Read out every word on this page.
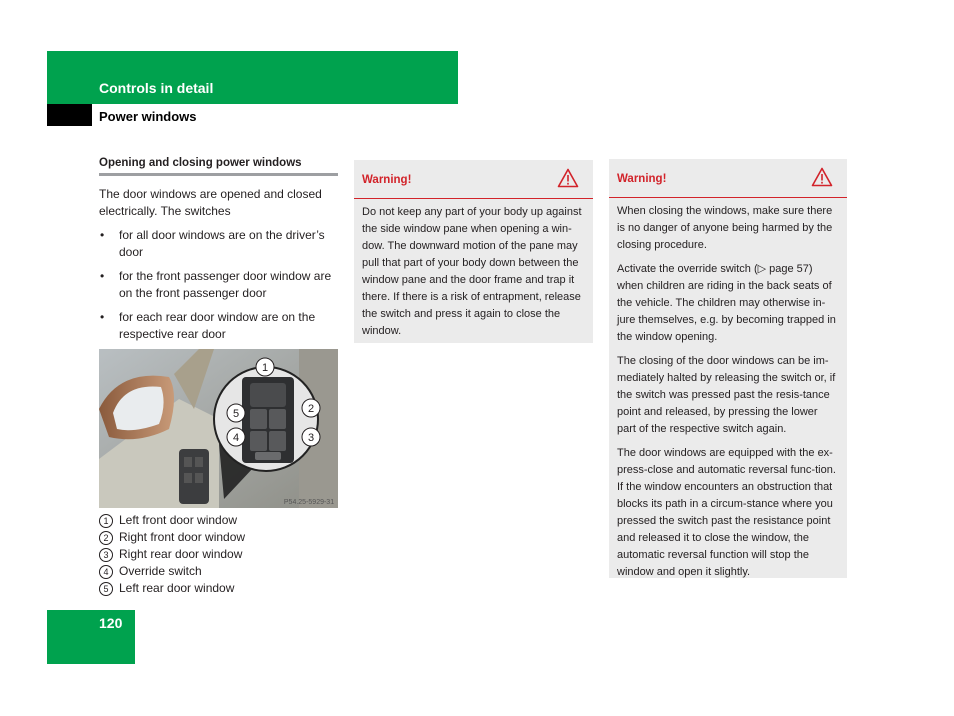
Controls in detail
Power windows
Opening and closing power windows
The door windows are opened and closed electrically. The switches
• for all door windows are on the driver’s door
• for the front passenger door window are on the front passenger door
• for each rear door window are on the respective rear door
1
2
3
4
5
P54.25-5929-31
1 Left front door window
2 Right front door window
3 Right rear door window
4 Override switch
5 Left rear door window
Warning!

Do not keep any part of your body up against the side window pane when opening a win-dow. The downward motion of the pane may pull that part of your body down between the window pane and the door frame and trap it there. If there is a risk of entrapment, release the switch and press it again to close the window.

Warning!

When closing the windows, make sure there is no danger of anyone being harmed by the closing procedure.

Activate the override switch (▷ page 57) when children are riding in the back seats of the vehicle. The children may otherwise in-jure themselves, e.g. by becoming trapped in the window opening.

The closing of the door windows can be im-mediately halted by releasing the switch or, if the switch was pressed past the resis-tance point and released, by pressing the lower part of the respective switch again.

The door windows are equipped with the ex-press-close and automatic reversal func-tion. If the window encounters an obstruction that blocks its path in a circum-stance where you pressed the switch past the resistance point and released it to close the window, the automatic reversal function will stop the window and open it slightly.

120
